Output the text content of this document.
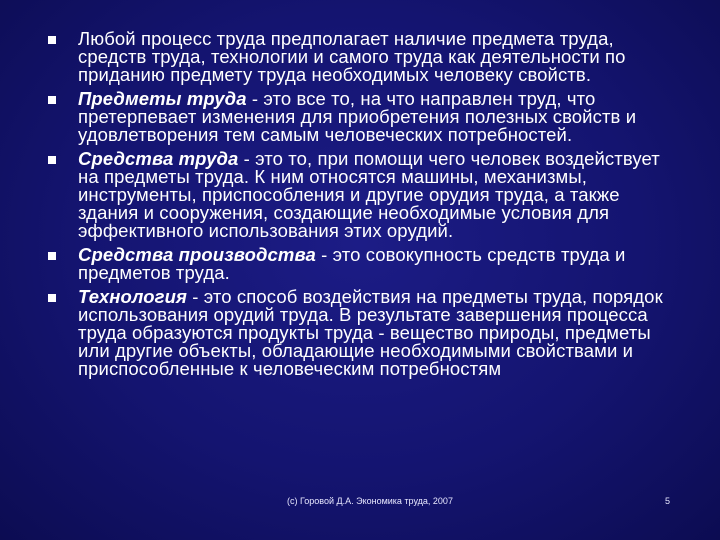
Любой процесс труда предполагает наличие предмета труда, средств труда, технологии и самого труда как деятельности по приданию предмету труда необходимых человеку свойств.
Предметы труда - это все то, на что направлен труд, что претерпевает изменения для приобретения полезных свойств и удовлетворения тем самым человеческих потребностей.
Средства труда - это то, при помощи чего человек воздействует на предметы труда. К ним относятся машины, механизмы, инструменты, приспособления и другие орудия труда, а также здания и сооружения, создающие необходимые условия для эффективного использования этих орудий.
Средства производства - это совокупность средств труда и предметов труда.
Технология - это способ воздействия на предметы труда, порядок использования орудий труда. В результате завершения процесса труда образуются продукты труда - вещество природы, предметы или другие объекты, обладающие необходимыми свойствами и приспособленные к человеческим потребностям
(с) Горовой Д.А. Экономика труда, 2007	5
